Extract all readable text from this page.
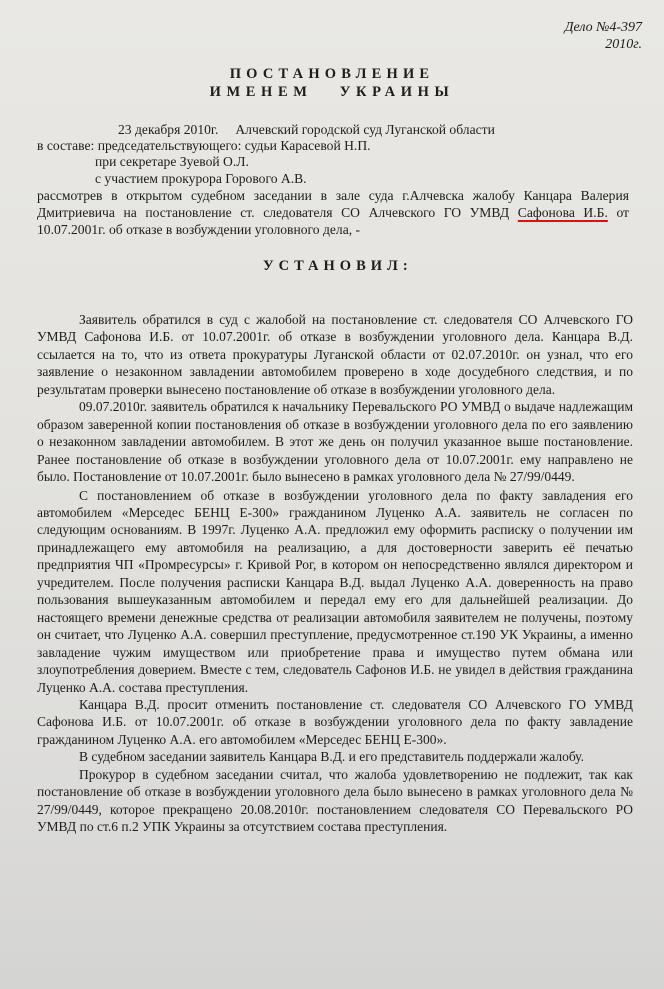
Дело №4-397
2010г.
ПОСТАНОВЛЕНИЕ
ИМЕНЕМ УКРАИНЫ
23 декабря 2010г.     Алчевский городской суд Луганской области
в составе: председательствующего: судьи Карасевой Н.П.
при секретаре Зуевой О.Л.
с участием прокурора Горового А.В.
рассмотрев в открытом судебном заседании в зале суда г.Алчевска жалобу Канцара Валерия Дмитриевича на постановление ст. следователя СО Алчевского ГО УМВД Сафонова И.Б. от 10.07.2001г. об отказе в возбуждении уголовного дела, -
УСТАНОВИЛ:

Заявитель обратился в суд с жалобой на постановление ст. следователя СО Алчевского ГО УМВД Сафонова И.Б. от 10.07.2001г. об отказе в возбуждении уголовного дела. Канцара В.Д. ссылается на то, что из ответа прокуратуры Луганской области от 02.07.2010г. он узнал, что его заявление о незаконном завладении автомобилем проверено в ходе досудебного следствия, и по результатам проверки вынесено постановление об отказе в возбуждении уголовного дела.

09.07.2010г. заявитель обратился к начальнику Перевальского РО УМВД о выдаче надлежащим образом заверенной копии постановления об отказе в возбуждении уголовного дела по его заявлению о незаконном завладении автомобилем. В этот же день он получил указанное выше постановление. Ранее постановление об отказе в возбуждении уголовного дела от 10.07.2001г. ему направлено не было. Постановление от 10.07.2001г. было вынесено в рамках уголовного дела № 27/99/0449.

С постановлением об отказе в возбуждении уголовного дела по факту завладения его автомобилем «Мерседес БЕНЦ Е-300» гражданином Луценко А.А. заявитель не согласен по следующим основаниям. В 1997г. Луценко А.А. предложил ему оформить расписку о получении им принадлежащего ему автомобиля на реализацию, а для достоверности заверить её печатью предприятия ЧП «Промресурсы» г. Кривой Рог, в котором он непосредственно являлся директором и учредителем. После получения расписки Канцара В.Д. выдал Луценко А.А. доверенность на право пользования вышеуказанным автомобилем и передал ему его для дальнейшей реализации. До настоящего времени денежные средства от реализации автомобиля заявителем не получены, поэтому он считает, что Луценко А.А. совершил преступление, предусмотренное ст.190 УК Украины, а именно завладение чужим имуществом или приобретение права и имущество путем обмана или злоупотребления доверием. Вместе с тем, следователь Сафонов И.Б. не увидел в действия гражданина Луценко А.А. состава преступления.

Канцара В.Д. просит отменить постановление ст. следователя СО Алчевского ГО УМВД Сафонова И.Б. от 10.07.2001г. об отказе в возбуждении уголовного дела по факту завладение гражданином Луценко А.А. его автомобилем «Мерседес БЕНЦ Е-300».

В судебном заседании заявитель Канцара В.Д. и его представитель поддержали жалобу.

Прокурор в судебном заседании считал, что жалоба удовлетворению не подлежит, так как постановление об отказе в возбуждении уголовного дела было вынесено в рамках уголовного дела № 27/99/0449, которое прекращено 20.08.2010г. постановлением следователя СО Перевальского РО УМВД по ст.6 п.2 УПК Украины за отсутствием состава преступления.
